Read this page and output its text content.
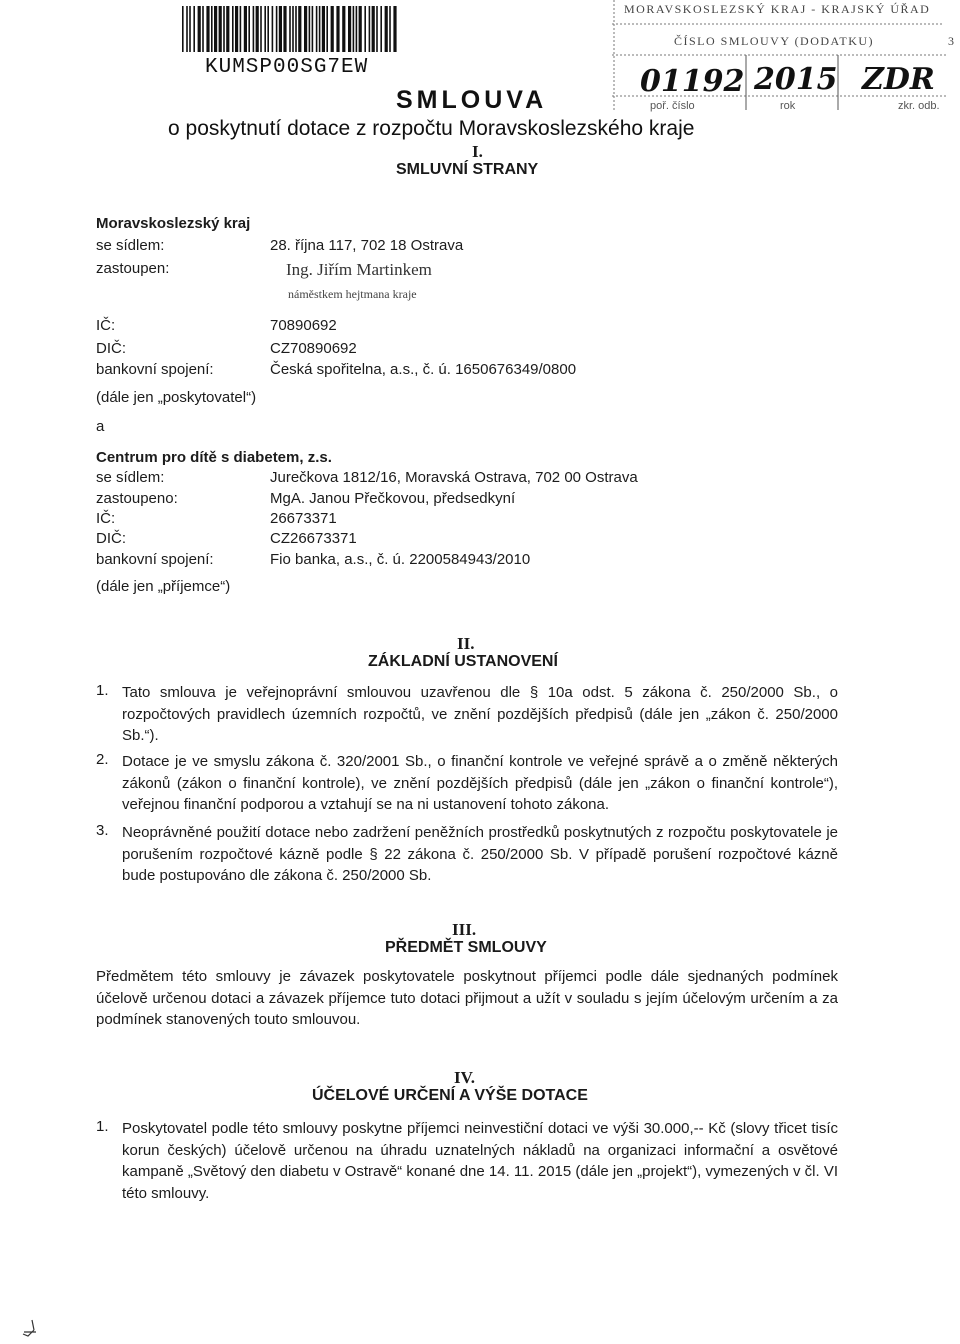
KUMSP00SG7EW
MORAVSKOSLEZSKÝ KRAJ - KRAJSKÝ ÚŘAD
ČÍSLO SMLOUVY (DODATKU)	3
01192 2015 ZDR
poř. číslo	rok	zkr. odb.
SMLOUVA
o poskytnutí dotace z rozpočtu Moravskoslezského kraje
I.
SMLUVNÍ STRANY
Moravskoslezský kraj
se sídlem:	28. října 117, 702 18 Ostrava
zastoupen:	Ing. Jiřím Martinkem
náměstkem hejtmana kraje
IČ:	70890692
DIČ:	CZ70890692
bankovní spojení:	Česká spořitelna, a.s., č. ú. 1650676349/0800
(dále jen „poskytovatel“)
a
Centrum pro dítě s diabetem, z.s.
se sídlem:	Jurečkova 1812/16, Moravská Ostrava, 702 00 Ostrava
zastoupeno:	MgA. Janou Přečkovou, předsedkyní
IČ:	26673371
DIČ:	CZ26673371
bankovní spojení:	Fio banka, a.s., č. ú. 2200584943/2010
(dále jen „příjemce“)
II.
ZÁKLADNÍ USTANOVENÍ
1. Tato smlouva je veřejnoprávní smlouvou uzavřenou dle § 10a odst. 5 zákona č. 250/2000 Sb., o rozpočtových pravidlech územních rozpočtů, ve znění pozdějších předpisů (dále jen „zákon č. 250/2000 Sb.“).
2. Dotace je ve smyslu zákona č. 320/2001 Sb., o finanční kontrole ve veřejné správě a o změně některých zákonů (zákon o finanční kontrole), ve znění pozdějších předpisů (dále jen „zákon o finanční kontrole“), veřejnou finanční podporou a vztahují se na ni ustanovení tohoto zákona.
3. Neoprávněné použití dotace nebo zadržení peněžních prostředků poskytnutých z rozpočtu poskytovatele je porušením rozpočtové kázně podle § 22 zákona č. 250/2000 Sb. V případě porušení rozpočtové kázně bude postupováno dle zákona č. 250/2000 Sb.
III.
PŘEDMĚT SMLOUVY
Předmětem této smlouvy je závazek poskytovatele poskytnout příjemci podle dále sjednaných podmínek účelově určenou dotaci a závazek příjemce tuto dotaci přijmout a užít v souladu s jejím účelovým určením a za podmínek stanovených touto smlouvou.
IV.
ÚČELOVÉ URČENÍ A VÝŠE DOTACE
1. Poskytovatel podle této smlouvy poskytne příjemci neinvestiční dotaci ve výši 30.000,-- Kč (slovy třicet tisíc korun českých) účelově určenou na úhradu uznatelných nákladů na organizaci informační a osvětové kampaně „Světový den diabetu v Ostravě“ konané dne 14. 11. 2015 (dále jen „projekt“), vymezených v čl. VI této smlouvy.
